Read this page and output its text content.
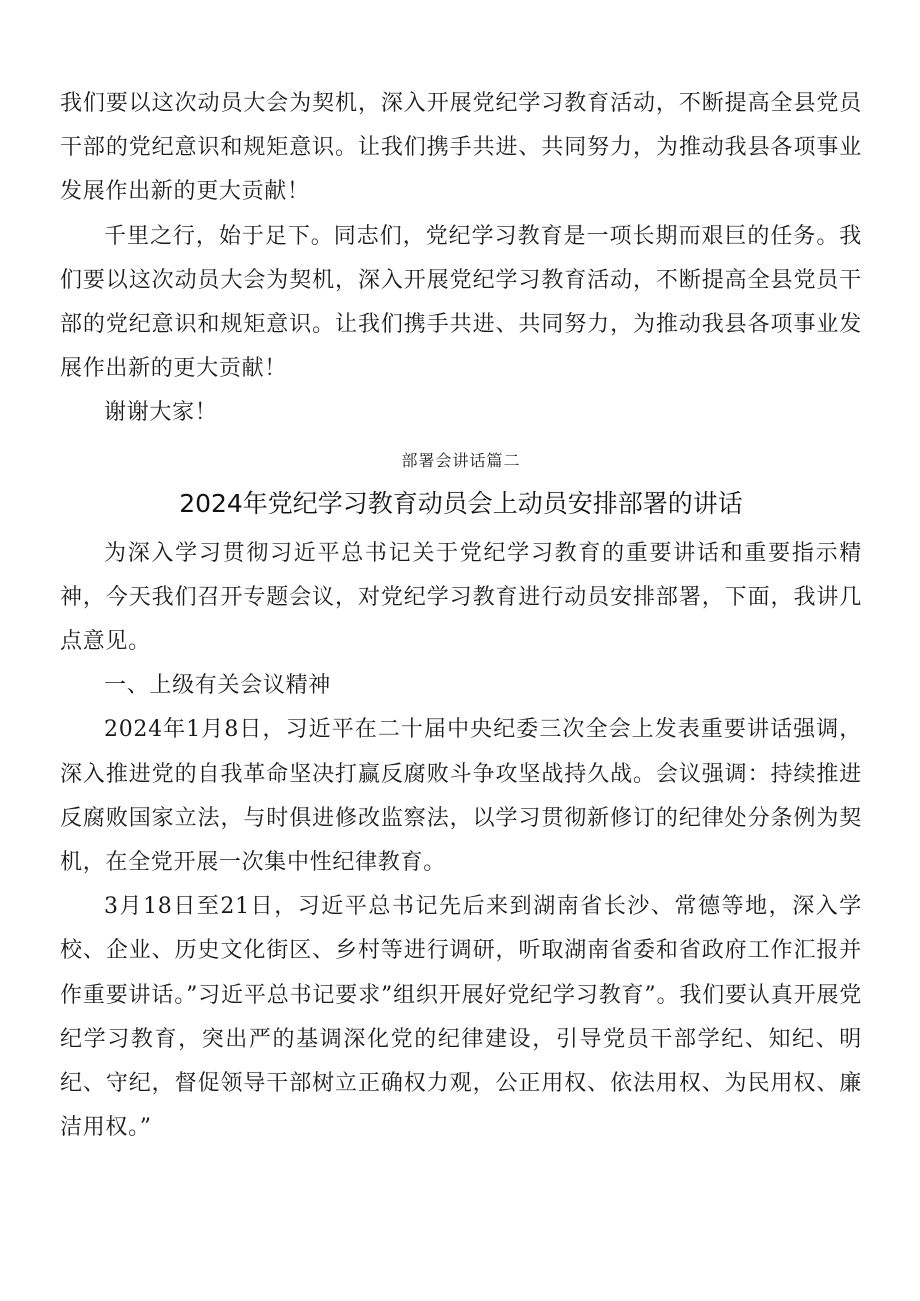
我们要以这次动员大会为契机，深入开展党纪学习教育活动，不断提高全县党员干部的党纪意识和规矩意识。让我们携手共进、共同努力，为推动我县各项事业发展作出新的更大贡献！

千里之行，始于足下。同志们，党纪学习教育是一项长期而艰巨的任务。我们要以这次动员大会为契机，深入开展党纪学习教育活动，不断提高全县党员干部的党纪意识和规矩意识。让我们携手共进、共同努力，为推动我县各项事业发展作出新的更大贡献！

谢谢大家！

部署会讲话篇二
2024年党纪学习教育动员会上动员安排部署的讲话

为深入学习贯彻习近平总书记关于党纪学习教育的重要讲话和重要指示精神，今天我们召开专题会议，对党纪学习教育进行动员安排部署，下面，我讲几点意见。

一、上级有关会议精神

2024年1月8日，习近平在二十届中央纪委三次全会上发表重要讲话强调，深入推进党的自我革命坚决打赢反腐败斗争攻坚战持久战。会议强调：持续推进反腐败国家立法，与时俱进修改监察法，以学习贯彻新修订的纪律处分条例为契机，在全党开展一次集中性纪律教育。

3月18日至21日，习近平总书记先后来到湖南省长沙、常德等地，深入学校、企业、历史文化街区、乡村等进行调研，听取湖南省委和省政府工作汇报并作重要讲话。”习近平总书记要求”组织开展好党纪学习教育”。我们要认真开展党纪学习教育，突出严的基调深化党的纪律建设，引导党员干部学纪、知纪、明纪、守纪，督促领导干部树立正确权力观，公正用权、依法用权、为民用权、廉洁用权。”
